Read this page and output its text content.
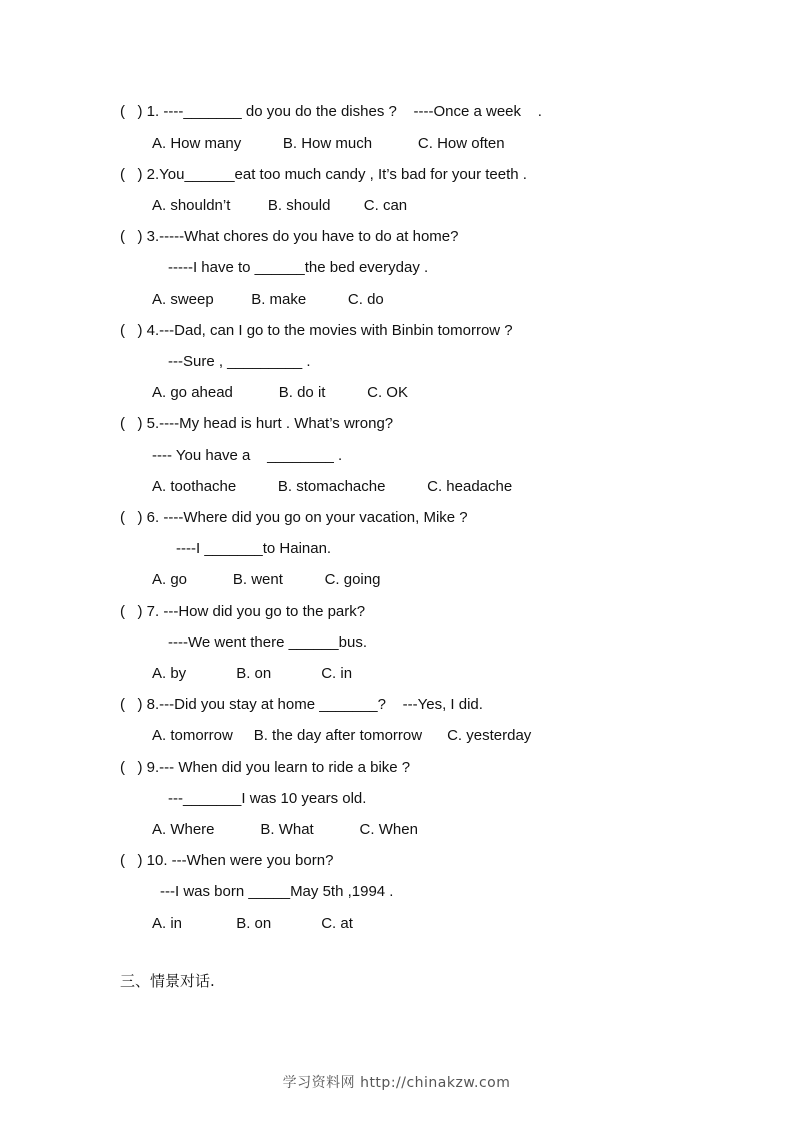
(   ) 1. ----_______ do you do the dishes ?    ----Once a week    .
A. How many          B. How much           C. How often
(   ) 2.You______eat too much candy , It’s bad for your teeth .
A. shouldn’t         B. should        C. can
(   ) 3.-----What chores do you have to do at home?
-----I have to ______the bed everyday .
A. sweep         B. make          C. do
(   ) 4.---Dad, can I go to the movies with Binbin tomorrow ?
---Sure , _________ .
A. go ahead           B. do it          C. OK
(   ) 5.----My head is hurt . What’s wrong?
---- You have a    ________ .
A. toothache          B. stomachache          C. headache
(   ) 6. ----Where did you go on your vacation, Mike ?
----I _______to Hainan.
A. go           B. went          C. going
(   ) 7. ---How did you go to the park?
----We went there ______bus.
A. by            B. on            C. in
(   ) 8.---Did you stay at home _______?    ---Yes, I did.
A. tomorrow     B. the day after tomorrow      C. yesterday
(   ) 9.--- When did you learn to ride a bike ?
---_______I was 10 years old.
A. Where           B. What           C. When
(   ) 10. ---When were you born?
---I was born _____May 5th ,1994 .
A. in             B. on            C. at
三、情景对话.
学习资料网 http://chinakzw.com
